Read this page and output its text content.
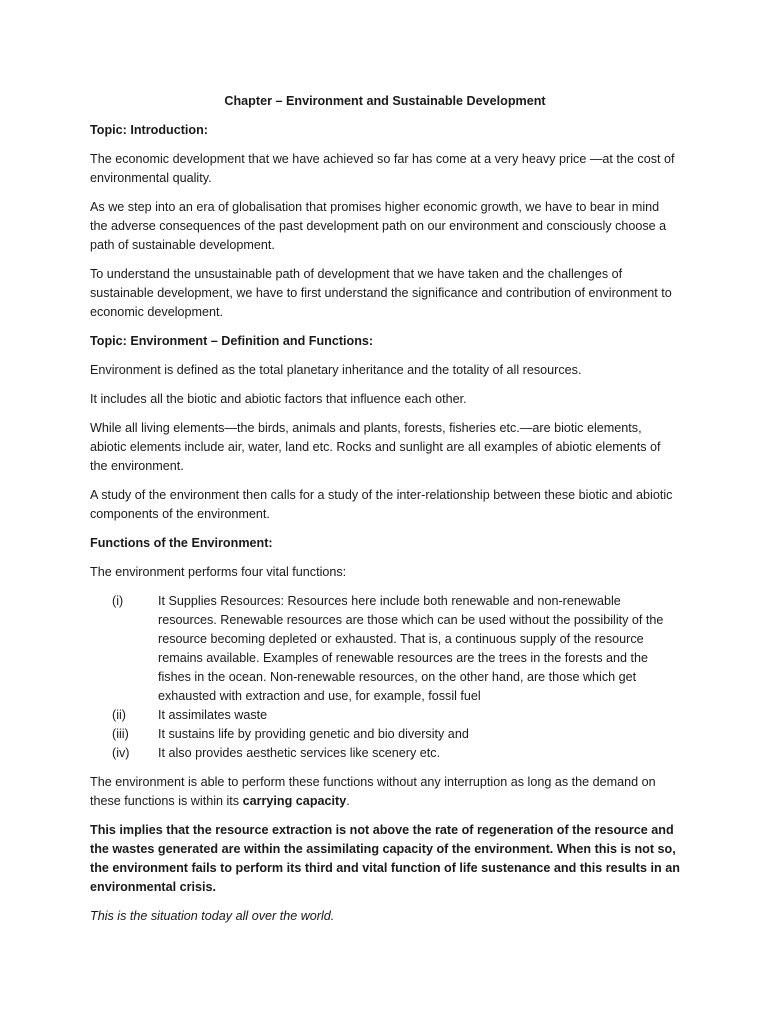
Chapter – Environment and Sustainable Development
Topic: Introduction:

The economic development that we have achieved so far has come at a very heavy price —at the cost of environmental quality.

As we step into an era of globalisation that promises higher economic growth, we have to bear in mind the adverse consequences of the past development path on our environment and consciously choose a path of sustainable development.

To understand the unsustainable path of development that we have taken and the challenges of sustainable development, we have to first understand the significance and contribution of environment to economic development.

Topic: Environment – Definition and Functions:

Environment is defined as the total planetary inheritance and the totality of all resources.

It includes all the biotic and abiotic factors that influence each other.

While all living elements—the birds, animals and plants, forests, fisheries etc.—are biotic elements, abiotic elements include air, water, land etc. Rocks and sunlight are all examples of abiotic elements of the environment.

A study of the environment then calls for a study of the inter-relationship between these biotic and abiotic components of the environment.

Functions of the Environment:

The environment performs four vital functions:

(i)	It Supplies Resources: Resources here include both renewable and non-renewable resources. Renewable resources are those which can be used without the possibility of the resource becoming depleted or exhausted. That is, a continuous supply of the resource remains available. Examples of renewable resources are the trees in the forests and the fishes in the ocean. Non-renewable resources, on the other hand, are those which get exhausted with extraction and use, for example, fossil fuel
(ii)	It assimilates waste
(iii)	It sustains life by providing genetic and bio diversity and
(iv)	It also provides aesthetic services like scenery etc.

The environment is able to perform these functions without any interruption as long as the demand on these functions is within its carrying capacity.

This implies that the resource extraction is not above the rate of regeneration of the resource and the wastes generated are within the assimilating capacity of the environment. When this is not so, the environment fails to perform its third and vital function of life sustenance and this results in an environmental crisis.

This is the situation today all over the world.
